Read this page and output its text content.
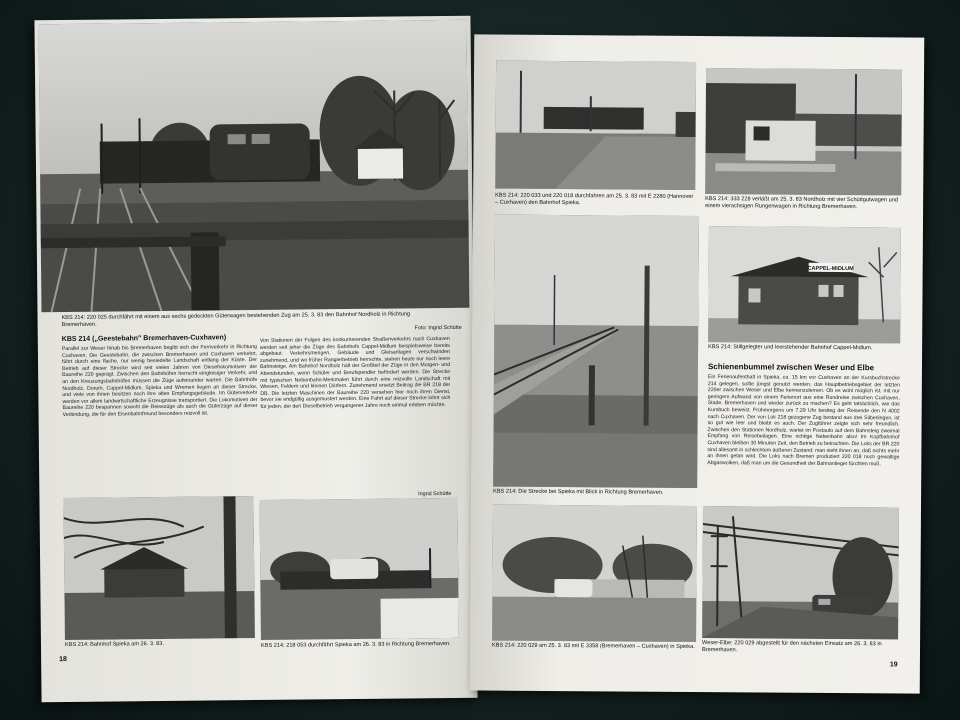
KBS 214: 220 025 durchfährt mit einem aus sechs gedeckten Güterwagen bestehenden Zug am 25. 3. 83 den Bahnhof Nordholz in Richtung
Bremerhaven.	Foto: Ingrid Schütte
KBS 214 („Geestebahn" Bremerhaven-Cuxhaven)
Parallel zur Weser hinab bis Bremerhaven begibt sich der Fernverkehr in Richtung Cuxhaven. Die Geestebahn, die zwischen Bremerhaven und Cuxhaven verkehrt, führt durch eine flache, nur wenig besiedelte Landschaft entlang der Küste. Der Betrieb auf dieser Strecke wird seit vielen Jahren von Diesellokomotiven der Baureihe 220 geprägt. Zwischen den Bahnhöfen herrscht eingleisiger Verkehr, und an den Kreuzungsbahnhöfen müssen die Züge aufeinander warten. Die Bahnhöfe Nordholz, Dorum, Cappel-Midlum, Spieka und Wremen liegen an dieser Strecke, und viele von ihnen besitzen noch ihre alten Empfangsgebäude. Im Güterverkehr werden vor allem landwirtschaftliche Erzeugnisse transportiert. Die Lokomotiven der Baureihe 220 bespannen sowohl die Reisezüge als auch die Güterzüge auf dieser Verbindung, die für den Eisenbahnfreund besonders reizvoll ist.
Von Stationen der Folgen des konkurrierenden Straßenverkehrs nach Cuxhaven werden seit jeher die Züge des Bahnhofs Cappel-Midlum beispielsweise bereits abgebaut. Verkehrsmengen, Gebäude und Gleisanlagen verschwinden zunehmend, und wo früher Rangierbetrieb herrschte, stehen heute nur noch leere Bahnsteige. Am Bahnhof Nordholz hält der Großteil der Züge in den Morgen- und Abendstunden, wenn Schüler und Berufspendler befördert werden. Die Strecke mit typischen Nebenbahn-Merkmalen führt durch eine reizvolle Landschaft mit Wiesen, Feldern und kleinen Dörfern. Zunehmend ersetzt Beitrag die BR 218 der DB. Die letzten Maschinen der Baureihe 220 versehen hier noch ihren Dienst, bevor sie endgültig ausgemustert werden. Eine Fahrt auf dieser Strecke lohnt sich für jeden, der den Dieselbetrieb vergangener Jahre noch einmal erleben möchte.
Ingrid Schütte
KBS 214: Bahnhof Spieka am 26. 3. 83.	KBS 214: 218 053 durchfährt Spieka am 26. 3. 83 in Richtung Bremerhaven.
18
KBS 214: 220 033 und 220 018 durchfahren am 25. 3. 83 mit E 2280 (Hannover – Cuxhaven) den Bahnhof Spieka.	KBS 214: 333 228 verläßt am 25. 3. 83 Nordholz mit vier Schüttgutwagen und einem vierachsigen Rungenwagen in Richtung Bremerhaven.
CAPPEL-MIDLUM
KBS 214: Stillgelegter und leerstehender Bahnhof Cappel-Midlum.
Schienenbummel zwischen Weser und Elbe
Ein Ferienaufenthalt in Spieka, ca. 15 km vor Cuxhaven an der Kursbuchstrecke 214 gelegen, sollte jüngst genutzt werden, das Hauptbetriebsgebiet der letzten 220er zwischen Weser und Elbe kennenzulernen. Ob es wohl möglich ist, mit nur geringem Aufwand von einem Ferienort aus eine Rundreise zwischen Cuxhaven, Stade, Bremerhaven und wieder zurück zu machen? Es geht tatsächlich, wie das Kursbuch beweist. Frühmorgens um 7.29 Uhr bestieg der Reisende den N 4002 nach Cuxhaven. Der von Lok 218 gezogene Zug bestand aus drei Silberlingen, ist so gut wie leer und bleibt es auch. Der Zugführer zeigte sich sehr freundlich. Zwischen den Stationen Nordholz, wartet im Postauto auf dem Bahnsteig zweimal Empfang von Reisebeilagen. Eine richtige Nebenbahn also! Im Kopfbahnhof Cuxhaven bleiben 30 Minuten Zeit, den Betrieb zu betrachten. Die Loks der BR 220 sind allesamt in schlechtem äußeren Zustand; man sieht ihnen an, daß nichts mehr an ihnen getan wird. Die Loks nach Bremen produziert 220 018 noch gewaltige Abgaswolken, daß man um die Gesundheit der Bahnanlieger fürchten muß.
KBS 214: Die Strecke bei Spieka mit Blick in Richtung Bremerhaven.
KBS 214: 220 029 am 25. 3. 83 mit E 3358 (Bremerhaven – Cuxhaven) in Spieka. Weser-Elbe: 220 029 abgestellt für den nächsten Einsatz am 26. 3. 83 in Bremerhaven.
19
